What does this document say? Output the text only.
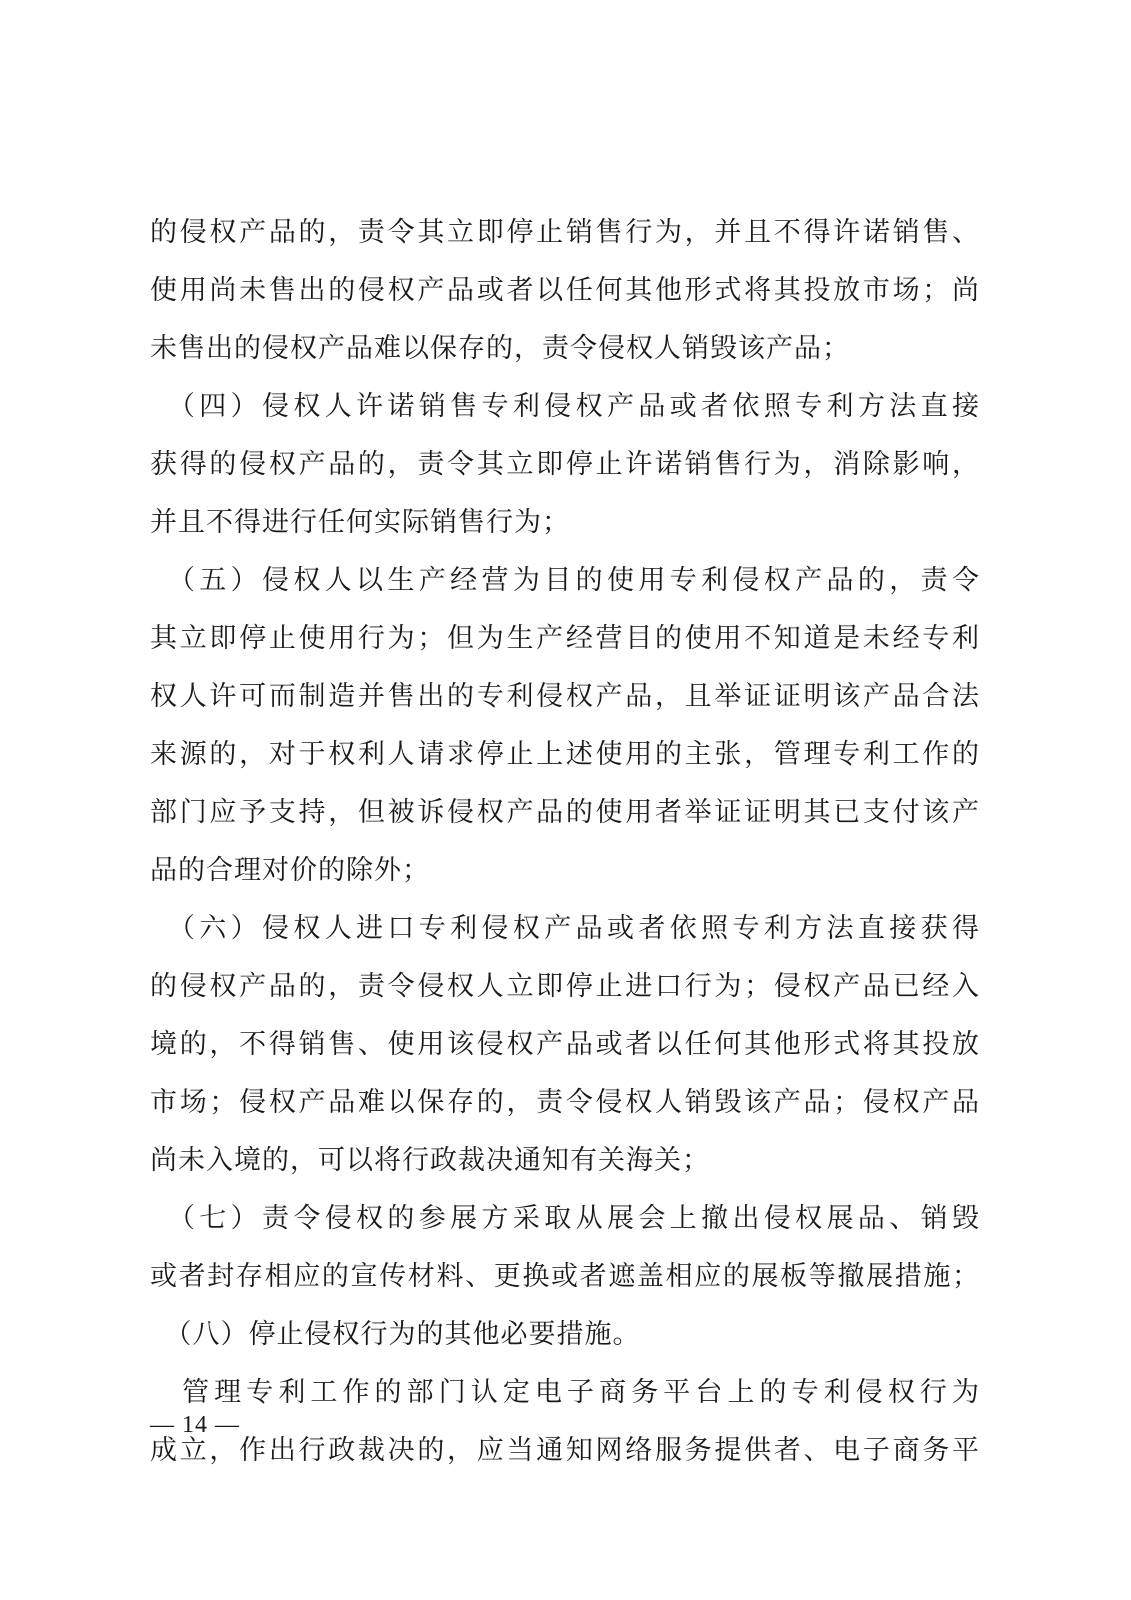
的侵权产品的，责令其立即停止销售行为，并且不得许诺销售、
使用尚未售出的侵权产品或者以任何其他形式将其投放市场；尚
未售出的侵权产品难以保存的，责令侵权人销毁该产品；
　（四）侵权人许诺销售专利侵权产品或者依照专利方法直接
获得的侵权产品的，责令其立即停止许诺销售行为，消除影响，
并且不得进行任何实际销售行为；
　（五）侵权人以生产经营为目的使用专利侵权产品的，责令
其立即停止使用行为；但为生产经营目的使用不知道是未经专利
权人许可而制造并售出的专利侵权产品，且举证证明该产品合法
来源的，对于权利人请求停止上述使用的主张，管理专利工作的
部门应予支持，但被诉侵权产品的使用者举证证明其已支付该产
品的合理对价的除外；
　（六）侵权人进口专利侵权产品或者依照专利方法直接获得
的侵权产品的，责令侵权人立即停止进口行为；侵权产品已经入
境的，不得销售、使用该侵权产品或者以任何其他形式将其投放
市场；侵权产品难以保存的，责令侵权人销毁该产品；侵权产品
尚未入境的，可以将行政裁决通知有关海关；
　（七）责令侵权的参展方采取从展会上撤出侵权展品、销毁
或者封存相应的宣传材料、更换或者遮盖相应的展板等撤展措施；
　（八）停止侵权行为的其他必要措施。
　管理专利工作的部门认定电子商务平台上的专利侵权行为
成立，作出行政裁决的，应当通知网络服务提供者、电子商务平
— 14 —
